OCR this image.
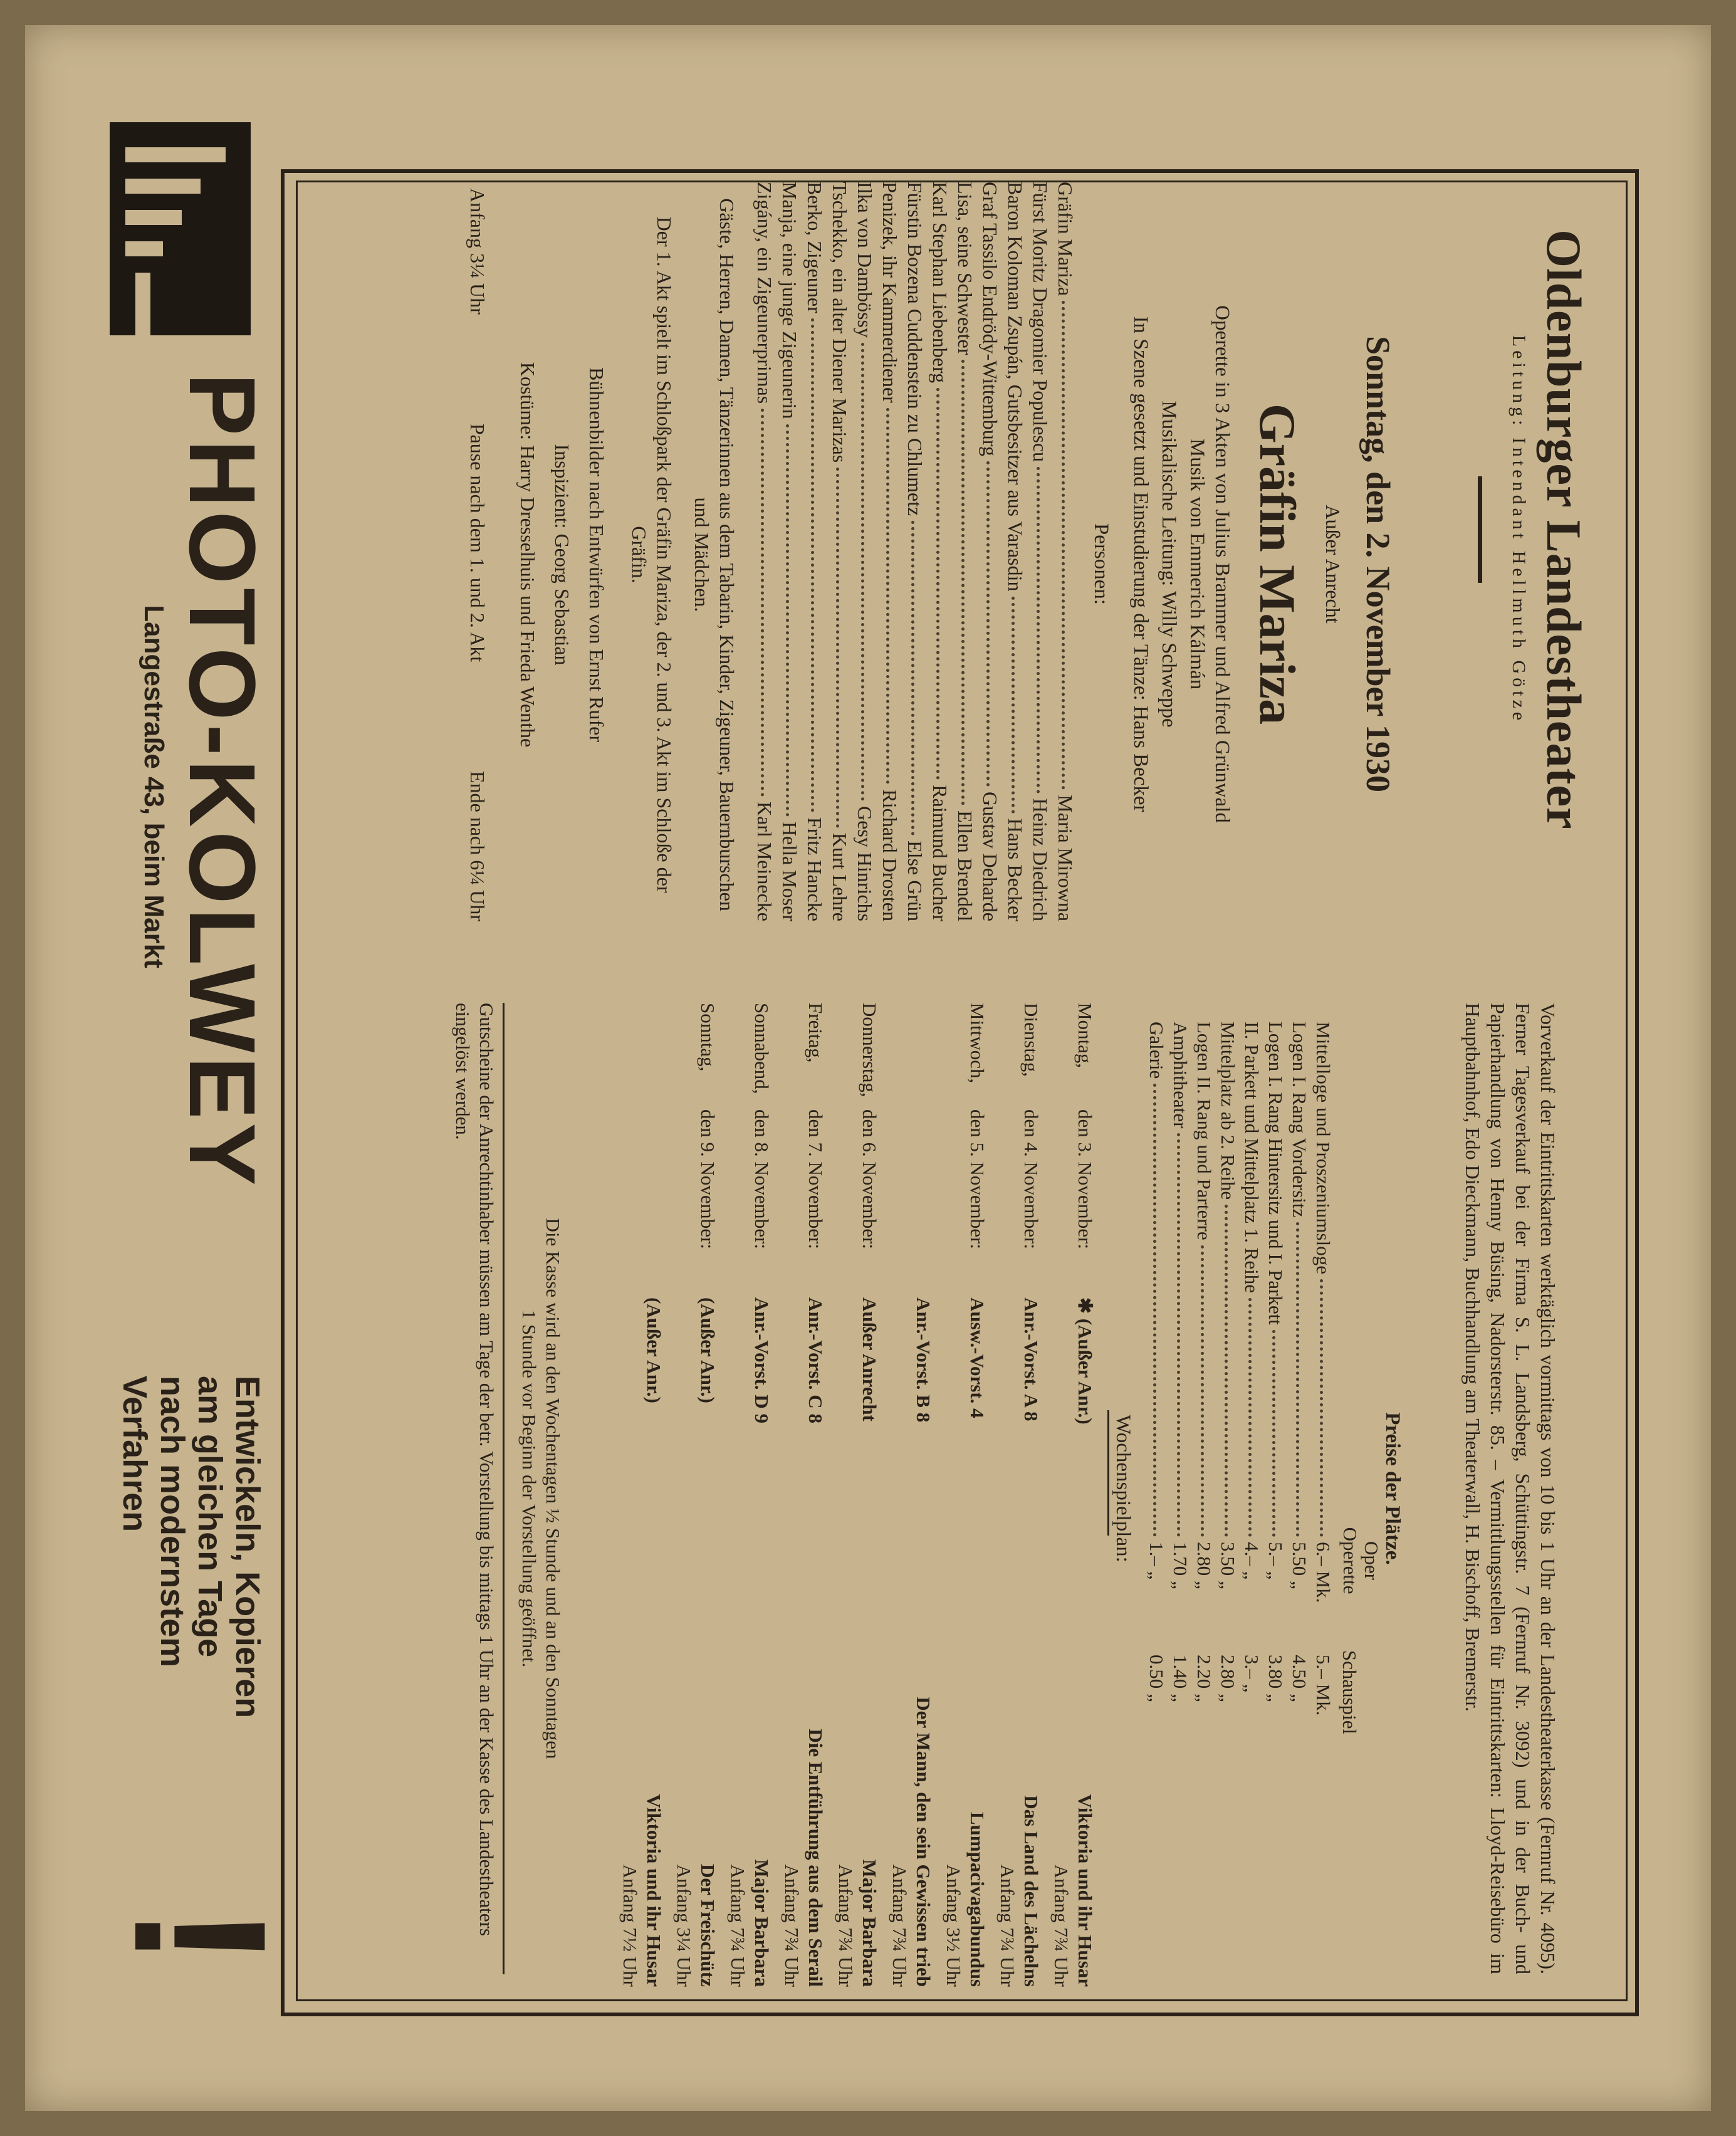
Oldenburger Landestheater
Leitung: Intendant Hellmuth Götze
Sonntag, den 2. November 1930
Außer Anrecht
Gräfin Mariza
Operette in 3 Akten von Julius Brammer und Alfred Grünwald
Musik von Emmerich Kálmán
Musikalische Leitung: Willy Schweppe
In Szene gesetzt und Einstudierung der Tänze: Hans Becker
Personen:
Gräfin Mariza
Maria Mirowna
Fürst Moritz Dragomier Populescu
Heinz Diedrich
Baron Koloman Zsupán, Gutsbesitzer aus Varasdin
Hans Becker
Graf Tassilo Endrödy-Wittemburg
Gustav Deharde
Lisa, seine Schwester
Ellen Brendel
Karl Stephan Liebenberg
Raimund Bucher
Fürstin Bozena Cuddenstein zu Chlumetz
Else Grün
Penizek, ihr Kammerdiener
Richard Drosten
Ilka von Dambössy
Gesy Hinrichs
Tschekko, ein alter Diener Marizas
Kurt Lehre
Berko, Zigeuner
Fritz Hancke
Manja, eine junge Zigeunerin
Hella Moser
Zigány, ein Zigeunerprimas
Karl Meinecke
Gäste, Herren, Damen, Tänzerinnen aus dem Tabarin, Kinder, Zigeuner, Bauernburschen und Mädchen.
Der 1. Akt spielt im Schloßpark der Gräfin Mariza, der 2. und 3. Akt im Schloße der Gräfin.
Bühnenbilder nach Entwürfen von Ernst Rufer
Inspizient: Georg Sebastian
Kostüme: Harry Dresselhuis und Frieda Wenthe
Anfang 3¼ Uhr
Pause nach dem 1. und 2. Akt
Ende nach 6¼ Uhr
Vorverkauf der Eintrittskarten werktäglich vormittags von 10 bis 1 Uhr an der Landestheaterkasse (Fernruf Nr. 4095). Ferner Tagesverkauf bei der Firma S. L. Landsberg, Schüttingstr. 7 (Fernruf Nr. 3092) und in der Buch- und Papierhandlung von Henny Büsing, Nadorsterstr. 85. – Vermittlungsstellen für Eintrittskarten: Lloyd-Reisebüro im Hauptbahnhof, Edo Dieckmann, Buchhandlung am Theaterwall, H. Bischoff, Bremerstr.
Preise der Plätze.
Oper
Operette
Schauspiel
Mittelloge und Proszeniumsloge
6.– Mk.
5.– Mk.
Logen I. Rang Vordersitz
5.50 „
4.50 „
Logen I. Rang Hintersitz und I. Parkett
5.– „
3.80 „
II. Parkett und Mittelplatz 1. Reihe
4.– „
3.– „
Mittelplatz ab 2. Reihe
3.50 „
2.80 „
Logen II. Rang und Parterre
2.80 „
2.20 „
Amphitheater
1.70 „
1.40 „
Galerie
1.– „
0.50 „
Wochenspielplan:
Montag,
den 3. November:
✱ (Außer Anr.)
Viktoria und ihr Husar
Anfang 7¾ Uhr
Dienstag,
den 4. November:
Anr.-Vorst. A 8
Das Land des Lächelns
Anfang 7¾ Uhr
Mittwoch,
den 5. November:
Ausw.-Vorst. 4
Lumpacivagabundus
Anfang 3½ Uhr
Anr.-Vorst. B 8
Der Mann, den sein Gewissen trieb
Anfang 7¾ Uhr
Donnerstag,
den 6. November:
Außer Anrecht
Major Barbara
Anfang 7¾ Uhr
Freitag,
den 7. November:
Anr.-Vorst. C 8
Die Entführung aus dem Serail
Anfang 7¾ Uhr
Sonnabend,
den 8. November:
Anr.-Vorst. D 9
Major Barbara
Anfang 7¾ Uhr
Sonntag,
den 9. November:
(Außer Anr.)
Der Freischütz
Anfang 3¼ Uhr
(Außer Anr.)
Viktoria und ihr Husar
Anfang 7½ Uhr
Die Kasse wird an den Wochentagen ½ Stunde und an den Sonntagen
1 Stunde vor Beginn der Vorstellung geöffnet.
Gutscheine der Anrechtinhaber müssen am Tage der betr. Vorstellung bis mittags 1 Uhr an der Kasse des Landestheaters eingelöst werden.
PHOTO-KOLWEY
Langestraße 43, beim Markt
Entwickeln, Kopieren
am gleichen Tage
nach modernstem
Verfahren
!
